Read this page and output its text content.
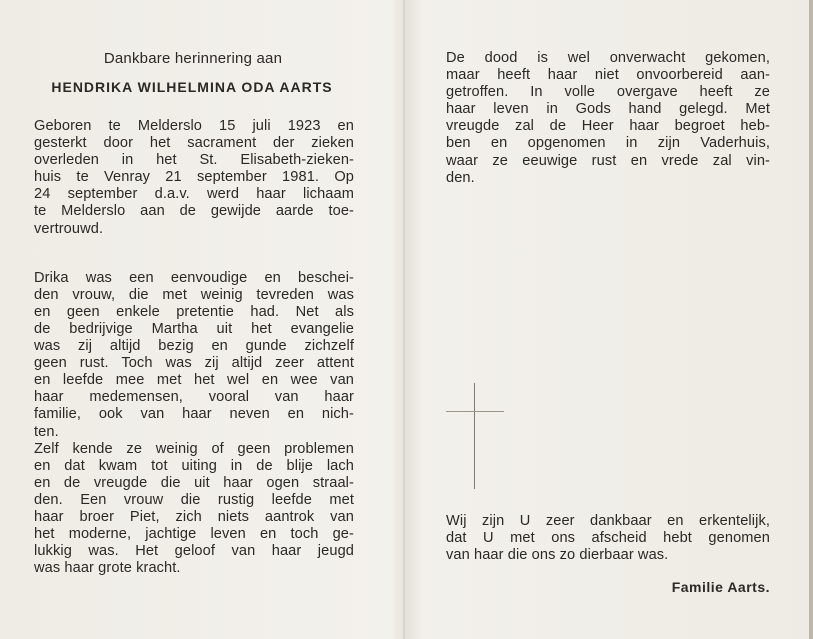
Dankbare herinnering aan
HENDRIKA WILHELMINA ODA AARTS
Geboren te Melderslo 15 juli 1923 en
gesterkt door het sacrament der zieken
overleden in het St. Elisabeth-zieken-
huis te Venray 21 september 1981. Op
24 september d.a.v. werd haar lichaam
te Melderslo aan de gewijde aarde toe-
vertrouwd.
Drika was een eenvoudige en beschei-
den vrouw, die met weinig tevreden was
en geen enkele pretentie had. Net als
de bedrijvige Martha uit het evangelie
was zij altijd bezig en gunde zichzelf
geen rust. Toch was zij altijd zeer attent
en leefde mee met het wel en wee van
haar medemensen, vooral van haar
familie, ook van haar neven en nich-
ten.
Zelf kende ze weinig of geen problemen
en dat kwam tot uiting in de blije lach
en de vreugde die uit haar ogen straal-
den. Een vrouw die rustig leefde met
haar broer Piet, zich niets aantrok van
het moderne, jachtige leven en toch ge-
lukkig was. Het geloof van haar jeugd
was haar grote kracht.
De dood is wel onverwacht gekomen,
maar heeft haar niet onvoorbereid aan-
getroffen. In volle overgave heeft ze
haar leven in Gods hand gelegd. Met
vreugde zal de Heer haar begroet heb-
ben en opgenomen in zijn Vaderhuis,
waar ze eeuwige rust en vrede zal vin-
den.
Wij zijn U zeer dankbaar en erkentelijk,
dat U met ons afscheid hebt genomen
van haar die ons zo dierbaar was.
Familie Aarts.
